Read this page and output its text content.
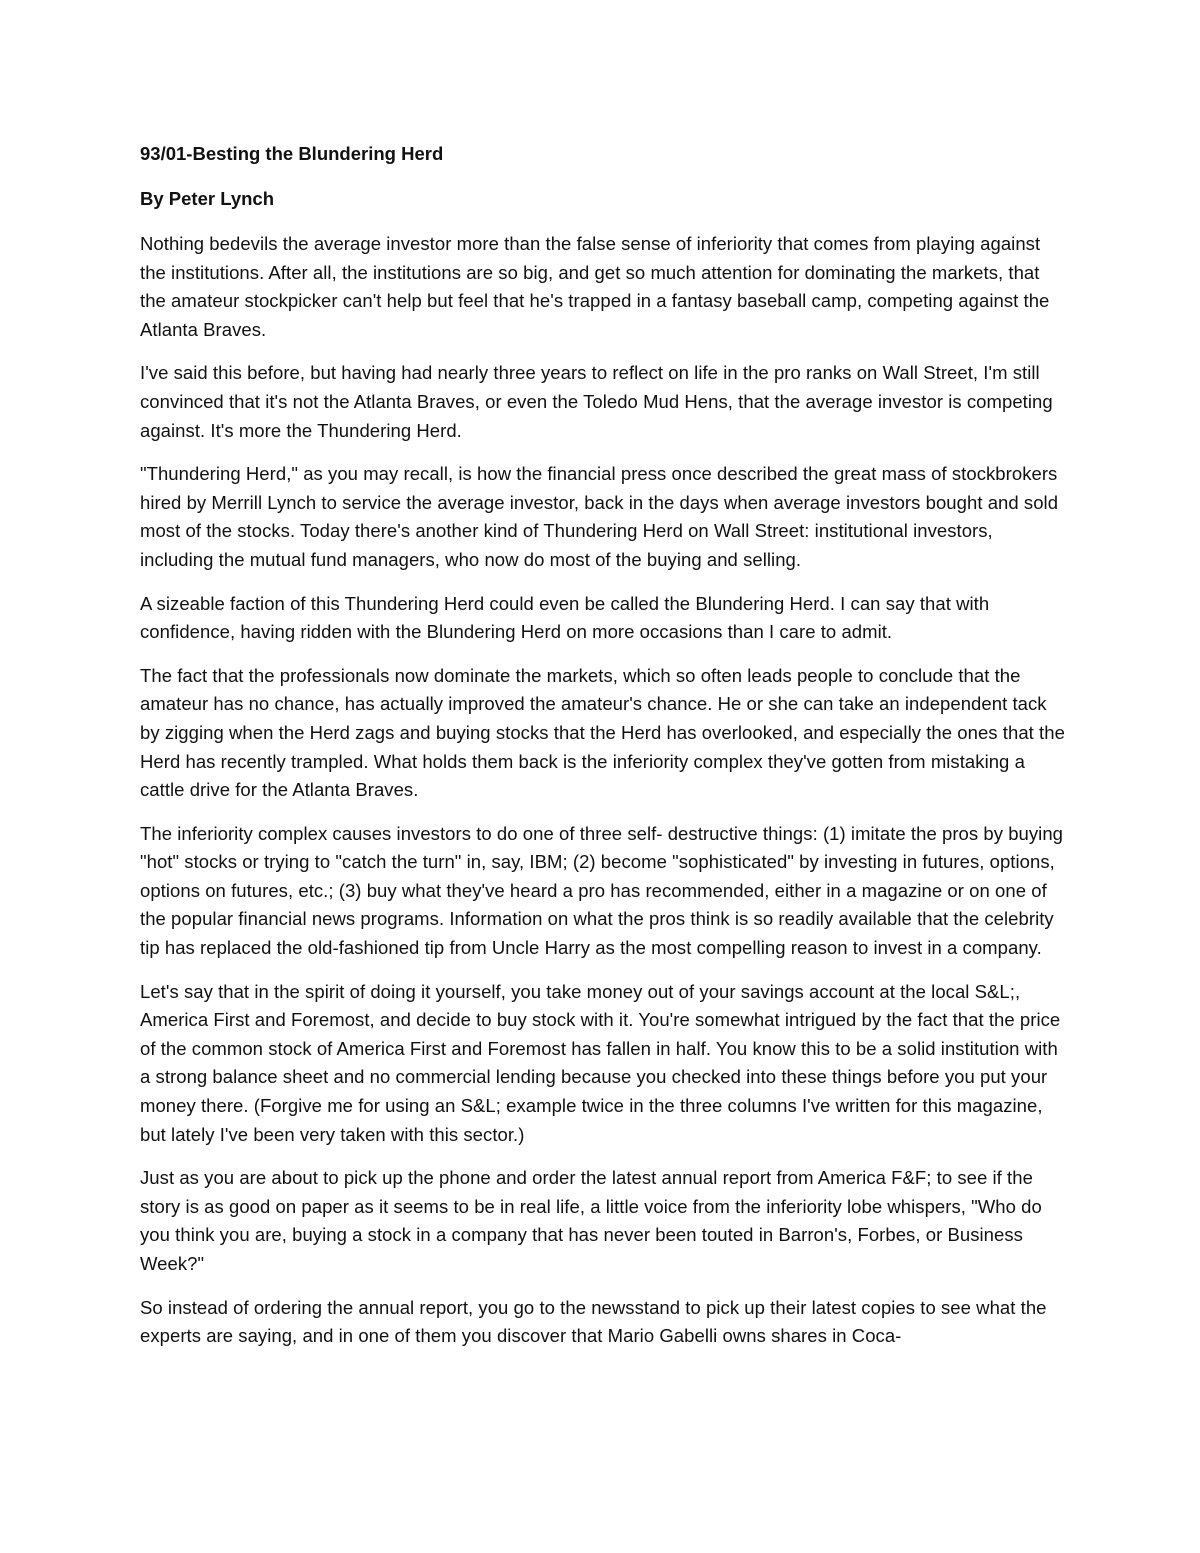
93/01-Besting the Blundering Herd

By Peter Lynch

Nothing bedevils the average investor more than the false sense of inferiority that comes from playing against the institutions. After all, the institutions are so big, and get so much attention for dominating the markets, that the amateur stockpicker can't help but feel that he's trapped in a fantasy baseball camp, competing against the Atlanta Braves.

I've said this before, but having had nearly three years to reflect on life in the pro ranks on Wall Street, I'm still convinced that it's not the Atlanta Braves, or even the Toledo Mud Hens, that the average investor is competing against. It's more the Thundering Herd.

"Thundering Herd," as you may recall, is how the financial press once described the great mass of stockbrokers hired by Merrill Lynch to service the average investor, back in the days when average investors bought and sold most of the stocks. Today there's another kind of Thundering Herd on Wall Street: institutional investors, including the mutual fund managers, who now do most of the buying and selling.

A sizeable faction of this Thundering Herd could even be called the Blundering Herd. I can say that with confidence, having ridden with the Blundering Herd on more occasions than I care to admit.

The fact that the professionals now dominate the markets, which so often leads people to conclude that the amateur has no chance, has actually improved the amateur's chance. He or she can take an independent tack by zigging when the Herd zags and buying stocks that the Herd has overlooked, and especially the ones that the Herd has recently trampled. What holds them back is the inferiority complex they've gotten from mistaking a cattle drive for the Atlanta Braves.

The inferiority complex causes investors to do one of three self- destructive things: (1) imitate the pros by buying "hot" stocks or trying to "catch the turn" in, say, IBM; (2) become "sophisticated" by investing in futures, options, options on futures, etc.; (3) buy what they've heard a pro has recommended, either in a magazine or on one of the popular financial news programs. Information on what the pros think is so readily available that the celebrity tip has replaced the old-fashioned tip from Uncle Harry as the most compelling reason to invest in a company.

Let's say that in the spirit of doing it yourself, you take money out of your savings account at the local S&L;, America First and Foremost, and decide to buy stock with it. You're somewhat intrigued by the fact that the price of the common stock of America First and Foremost has fallen in half. You know this to be a solid institution with a strong balance sheet and no commercial lending because you checked into these things before you put your money there. (Forgive me for using an S&L; example twice in the three columns I've written for this magazine, but lately I've been very taken with this sector.)

Just as you are about to pick up the phone and order the latest annual report from America F&F; to see if the story is as good on paper as it seems to be in real life, a little voice from the inferiority lobe whispers, "Who do you think you are, buying a stock in a company that has never been touted in Barron's, Forbes, or Business Week?"

So instead of ordering the annual report, you go to the newsstand to pick up their latest copies to see what the experts are saying, and in one of them you discover that Mario Gabelli owns shares in Coca-
